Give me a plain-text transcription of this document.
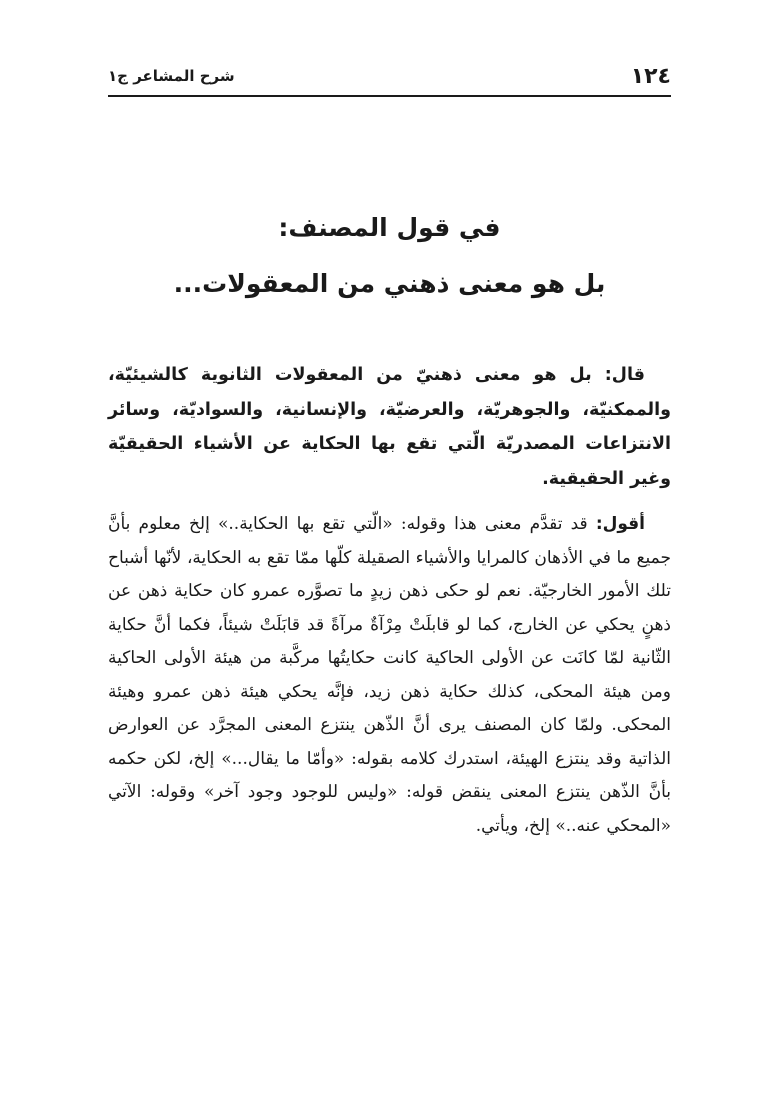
١٢٤
شرح المشاعر ج١
في قول المصنف:
بل هو معنى ذهني من المعقولات...

قال: بل هو معنى ذهنيّ من المعقولات الثانوية كالشيئيّة، والممكنيّة، والجوهريّة، والعرضيّة، والإنسانية، والسواديّة، وسائر الانتزاعات المصدريّة الّتي تقع بها الحكاية عن الأشياء الحقيقيّة وغير الحقيقية.

أقول: قد تقدَّم معنى هذا وقوله: «الّتي تقع بها الحكاية..» إلخ معلوم بأنَّ جميع ما في الأذهان كالمرايا والأشياء الصقيلة كلّها ممّا تقع به الحكاية، لأنّها أشباح تلك الأمور الخارجيّة. نعم لو حكى ذهن زيدٍ ما تصوَّره عمرو كان حكاية ذهن عن ذهنٍ يحكي عن الخارج، كما لو قابلَتْ مِرْآةٌ مرآةً قد قابَلَتْ شيئاً، فكما أنَّ حكاية الثّانية لمّا كانَت عن الأولى الحاكية كانت حكايتُها مركَّبة من هيئة الأولى الحاكية ومن هيئة المحكى، كذلك حكاية ذهن زيد، فإنَّه يحكي هيئة ذهن عمرو وهيئة المحكى. ولمّا كان المصنف يرى أنَّ الذّهن ينتزع المعنى المجرَّد عن العوارض الذاتية وقد ينتزع الهيئة، استدرك كلامه بقوله: «وأمّا ما يقال...» إلخ، لكن حكمه بأنَّ الذّهن ينتزع المعنى ينقض قوله: «وليس للوجود وجود آخر» وقوله: الآتي «المحكي عنه..» إلخ، ويأتي.
